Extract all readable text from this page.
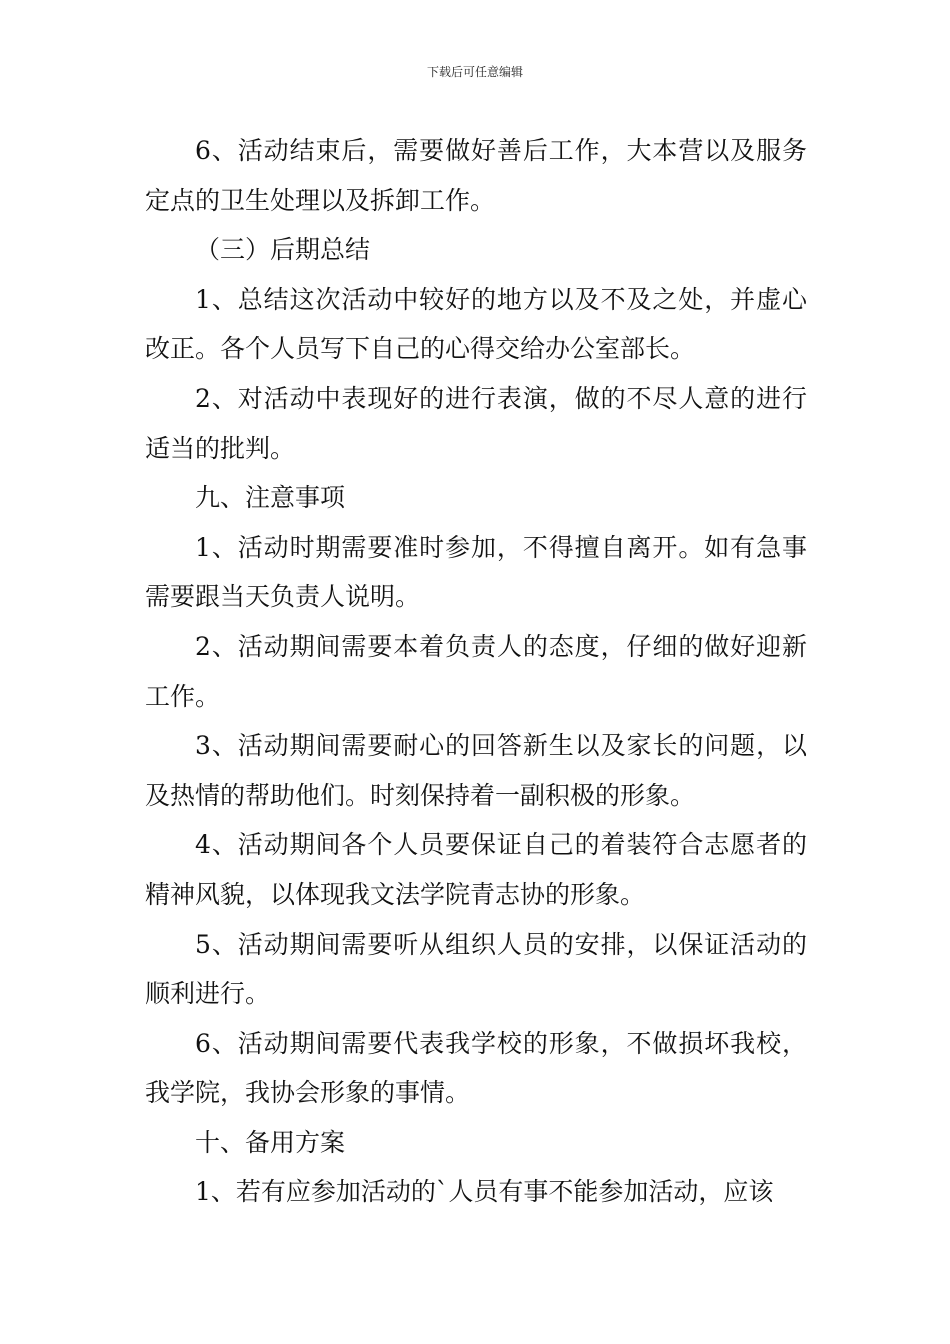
下载后可任意编辑

6、活动结束后，需要做好善后工作，大本营以及服务定点的卫生处理以及拆卸工作。

（三）后期总结

1、总结这次活动中较好的地方以及不及之处，并虚心改正。各个人员写下自己的心得交给办公室部长。

2、对活动中表现好的进行表演，做的不尽人意的进行适当的批判。

九、注意事项

1、活动时期需要准时参加，不得擅自离开。如有急事需要跟当天负责人说明。

2、活动期间需要本着负责人的态度，仔细的做好迎新工作。

3、活动期间需要耐心的回答新生以及家长的问题，以及热情的帮助他们。时刻保持着一副积极的形象。

4、活动期间各个人员要保证自己的着装符合志愿者的精神风貌，以体现我文法学院青志协的形象。

5、活动期间需要听从组织人员的安排，以保证活动的顺利进行。

6、活动期间需要代表我学校的形象，不做损坏我校，我学院，我协会形象的事情。

十、备用方案

1、若有应参加活动的`人员有事不能参加活动，应该
